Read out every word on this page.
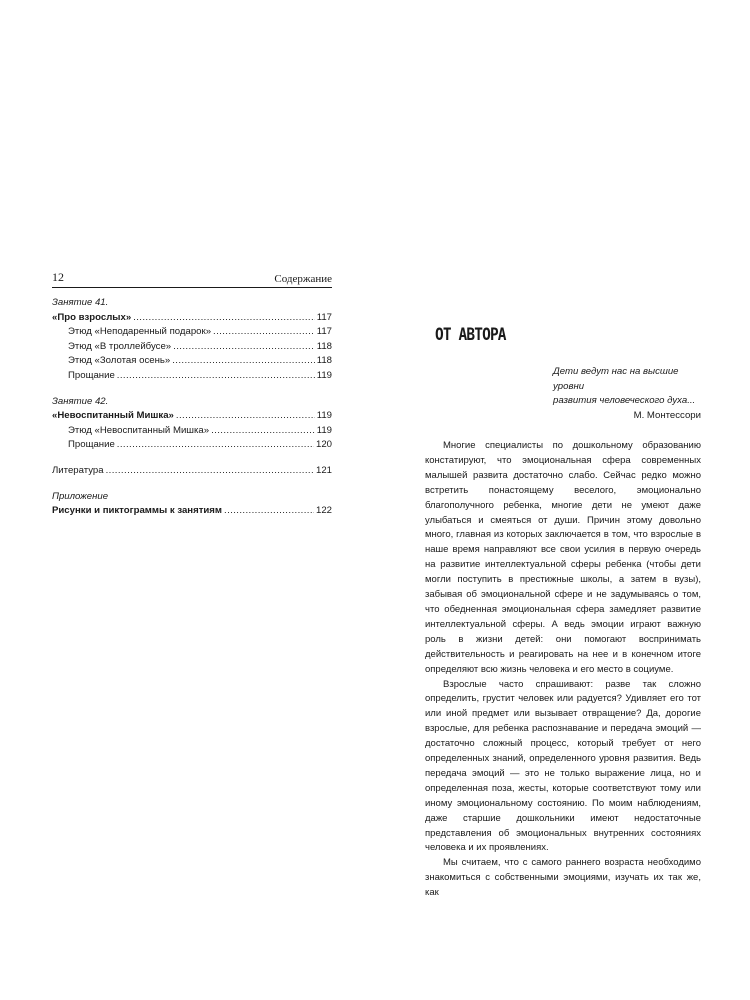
12	Содержание
Занятие 41.
«Про взрослых» .....	117
Этюд «Неподаренный подарок» .....	117
Этюд «В троллейбусе» .....	118
Этюд «Золотая осень» .....	118
Прощание .....	119
Занятие 42.
«Невоспитанный Мишка» .....	119
Этюд «Невоспитанный Мишка» .....	119
Прощание .....	120
Литература .....	121
Приложение
Рисунки и пиктограммы к занятиям .....	122
ОТ АВТОРА
Дети ведут нас на высшие уровни
развития человеческого духа...
М. Монтессори

Многие специалисты по дошкольному образованию констатируют, что эмоциональная сфера современных малышей развита достаточно слабо. Сейчас редко можно встретить понастоящему веселого, эмоционально благополучного ребенка, многие дети не умеют даже улыбаться и смеяться от души. Причин этому довольно много, главная из которых заключается в том, что взрослые в наше время направляют все свои усилия в первую очередь на развитие интеллектуальной сферы ребенка (чтобы дети могли поступить в престижные школы, а затем в вузы), забывая об эмоциональной сфере и не задумываясь о том, что обедненная эмоциональная сфера замедляет развитие интеллектуальной сферы. А ведь эмоции играют важную роль в жизни детей: они помогают воспринимать действительность и реагировать на нее и в конечном итоге определяют всю жизнь человека и его место в социуме.

Взрослые часто спрашивают: разве так сложно определить, грустит человек или радуется? Удивляет его тот или иной предмет или вызывает отвращение? Да, дорогие взрослые, для ребенка распознавание и передача эмоций — достаточно сложный процесс, который требует от него определенных знаний, определенного уровня развития. Ведь передача эмоций — это не только выражение лица, но и определенная поза, жесты, которые соответствуют тому или иному эмоциональному состоянию. По моим наблюдениям, даже старшие дошкольники имеют недостаточные представления об эмоциональных внутренних состояниях человека и их проявлениях.

Мы считаем, что с самого раннего возраста необходимо знакомиться с собственными эмоциями, изучать их так же, как
